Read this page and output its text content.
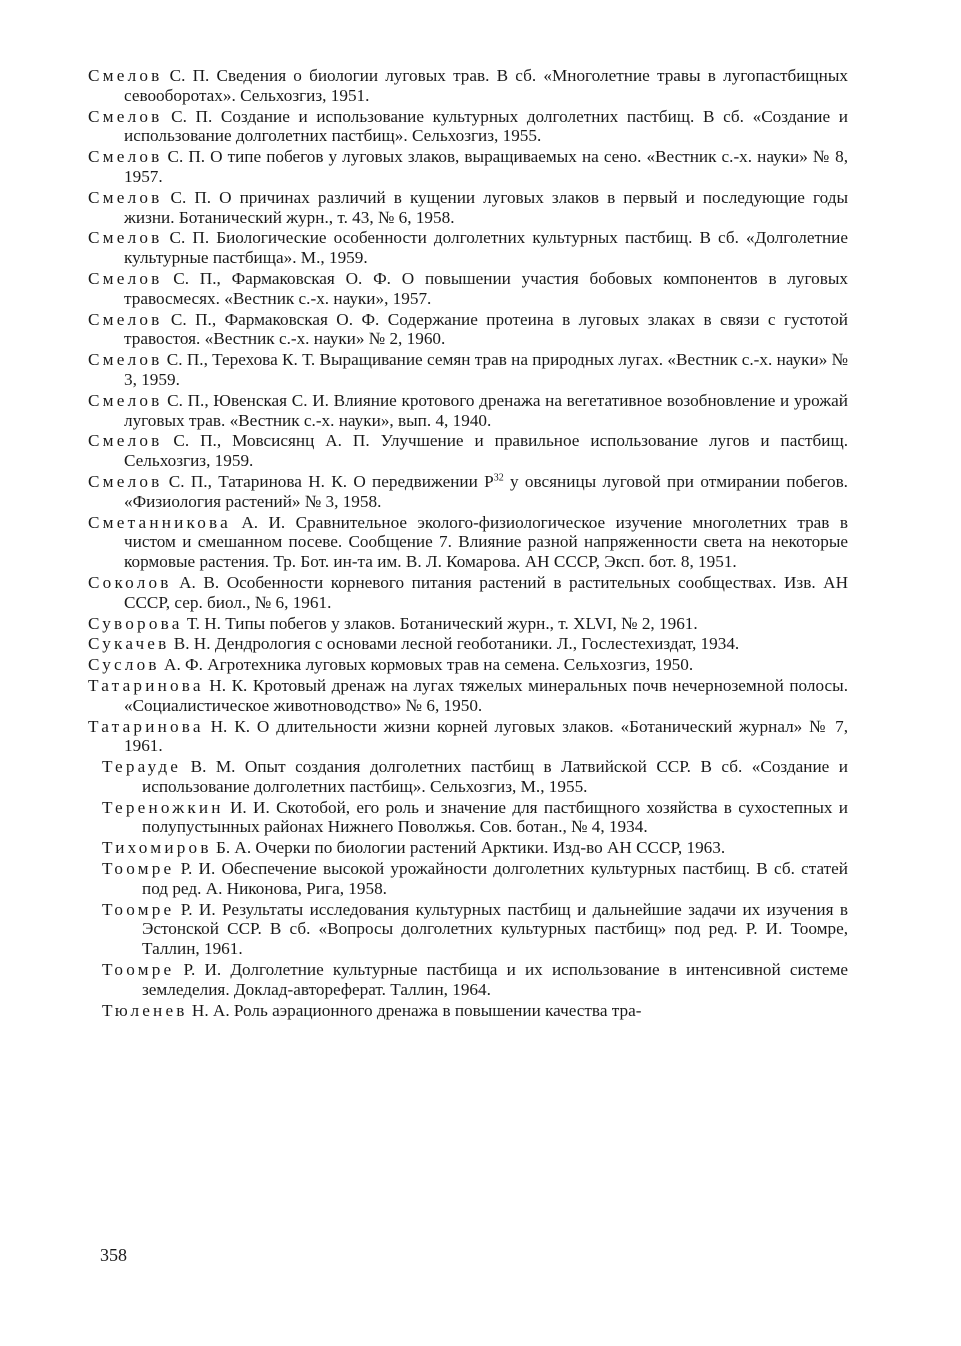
Смелов С. П. Сведения о биологии луговых трав. В сб. «Многолетние травы в лугопастбищных севооборотах». Сельхозгиз, 1951.

Смелов С. П. Создание и использование культурных долголетних пастбищ. В сб. «Создание и использование долголетних пастбищ». Сельхозгиз, 1955.

Смелов С. П. О типе побегов у луговых злаков, выращиваемых на сено. «Вестник с.-х. науки» № 8, 1957.

Смелов С. П. О причинах различий в кущении луговых злаков в первый и последующие годы жизни. Ботанический журн., т. 43, № 6, 1958.

Смелов С. П. Биологические особенности долголетних культурных пастбищ. В сб. «Долголетние культурные пастбища». М., 1959.

Смелов С. П., Фармаковская О. Ф. О повышении участия бобовых компонентов в луговых травосмесях. «Вестник с.-х. науки», 1957.

Смелов С. П., Фармаковская О. Ф. Содержание протеина в луговых злаках в связи с густотой травостоя. «Вестник с.-х. науки» № 2, 1960.

Смелов С. П., Терехова К. Т. Выращивание семян трав на природных лугах. «Вестник с.-х. науки» № 3, 1959.

Смелов С. П., Ювенская С. И. Влияние кротового дренажа на вегетативное возобновление и урожай луговых трав. «Вестник с.-х. науки», вып. 4, 1940.

Смелов С. П., Мовсисянц А. П. Улучшение и правильное использование лугов и пастбищ. Сельхозгиз, 1959.

Смелов С. П., Татаринова Н. К. О передвижении $P^{32}$ у овсяницы луговой при отмирании побегов. «Физиология растений» № 3, 1958.

Сметанникова А. И. Сравнительное эколого-физиологическое изучение многолетних трав в чистом и смешанном посеве. Сообщение 7. Влияние разной напряженности света на некоторые кормовые растения. Тр. Бот. ин-та им. В. Л. Комарова. АН СССР, Эксп. бот. 8, 1951.

Соколов А. В. Особенности корневого питания растений в растительных сообществах. Изв. АН СССР, сер. биол., № 6, 1961.

Суворова Т. Н. Типы побегов у злаков. Ботанический журн., т. XLVI, № 2, 1961.

Сукачев В. Н. Дендрология с основами лесной геоботаники. Л., Гослестехиздат, 1934.

Суслов А. Ф. Агротехника луговых кормовых трав на семена. Сельхозгиз, 1950.

Татаринова Н. К. Кротовый дренаж на лугах тяжелых минеральных почв нечерноземной полосы. «Социалистическое животноводство» № 6, 1950.

Татаринова Н. К. О длительности жизни корней луговых злаков. «Ботанический журнал» № 7, 1961.

Тераудe В. М. Опыт создания долголетних пастбищ в Латвийской ССР. В сб. «Создание и использование долголетних пастбищ». Сельхозгиз, М., 1955.

Тереножкин И. И. Скотобой, его роль и значение для пастбищного хозяйства в сухостепных и полупустынных районах Нижнего Поволжья. Сов. ботан., № 4, 1934.

Тихомиров Б. А. Очерки по биологии растений Арктики. Изд-во АН СССР, 1963.

Тоомре Р. И. Обеспечение высокой урожайности долголетних культурных пастбищ. В сб. статей под ред. А. Никонова, Рига, 1958.

Тоомре Р. И. Результаты исследования культурных пастбищ и дальнейшие задачи их изучения в Эстонской ССР. В сб. «Вопросы долголетних культурных пастбищ» под ред. Р. И. Тоомре, Таллин, 1961.

Тоомре Р. И. Долголетние культурные пастбища и их использование в интенсивной системе земледелия. Доклад-автореферат. Таллин, 1964.

Тюленев Н. А. Роль аэрационного дренажа в повышении качества тра-

358
